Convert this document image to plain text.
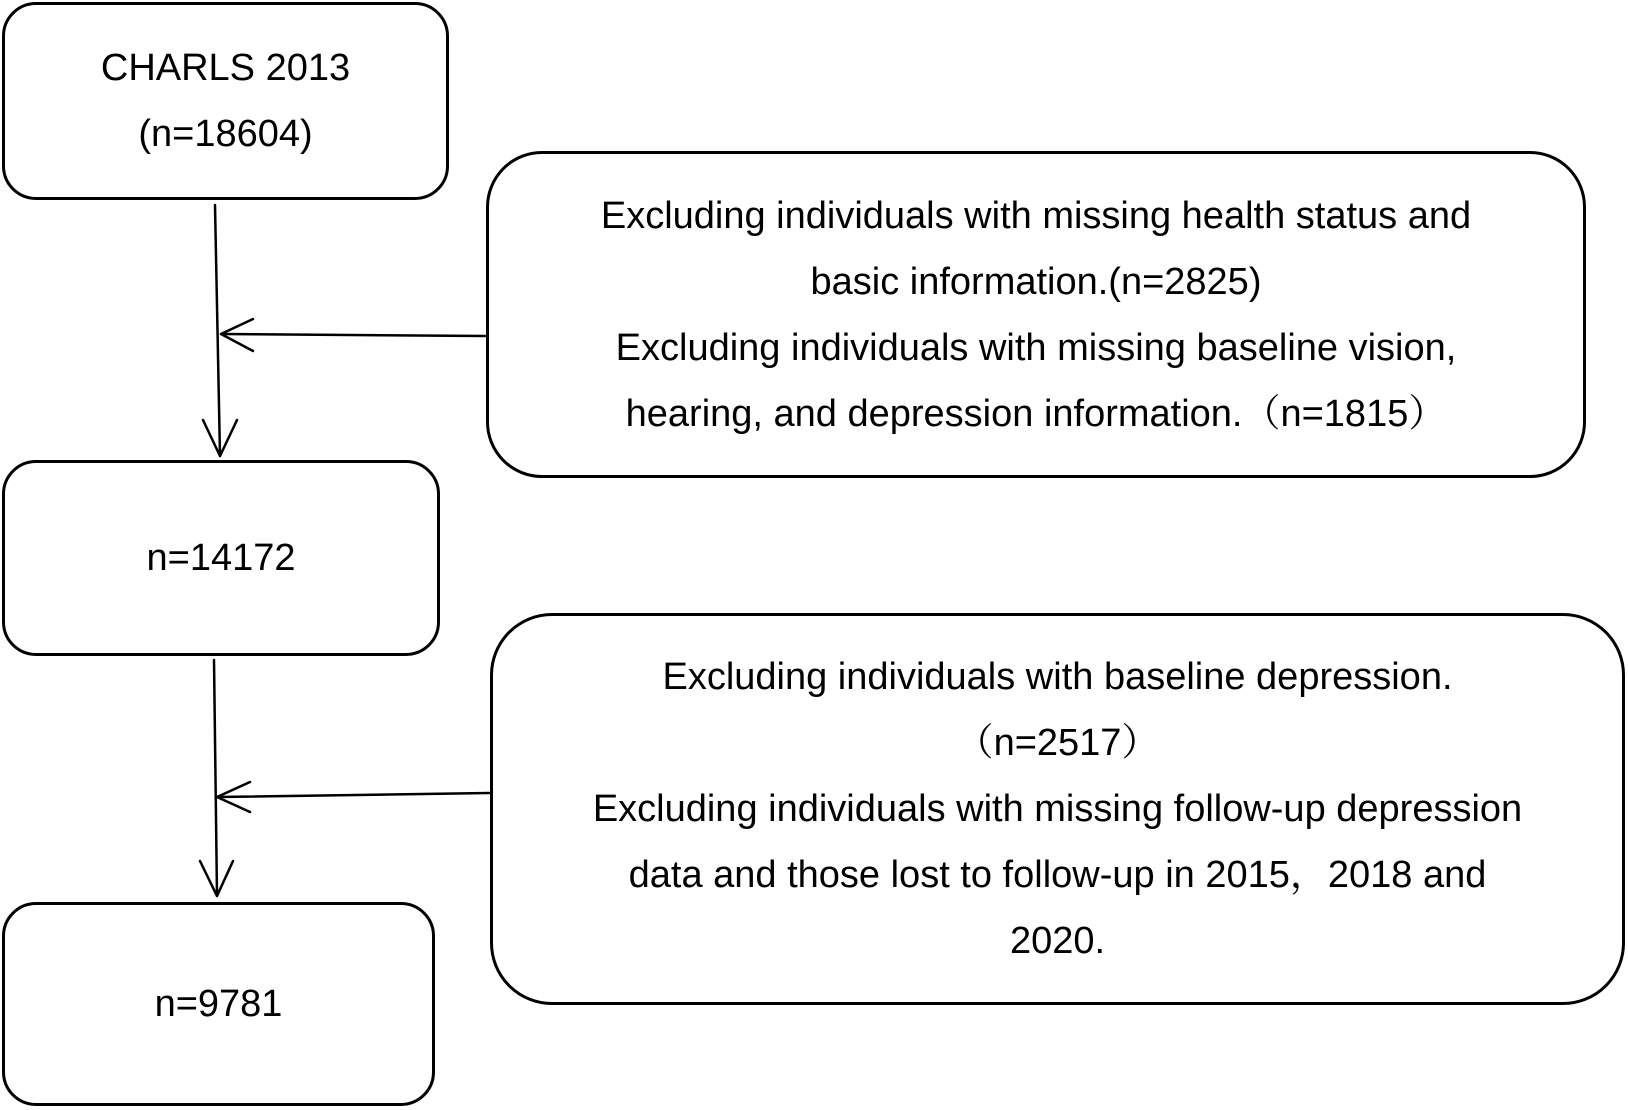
CHARLS 2013
(n=18604)
Excluding individuals with missing health status and
basic information.(n=2825)
Excluding individuals with missing baseline vision,
hearing, and depression information.（n=1815）
n=14172
Excluding individuals with baseline depression.
（n=2517）
Excluding individuals with missing follow-up depression
data and those lost to follow-up in 2015，2018 and
2020.
n=9781
